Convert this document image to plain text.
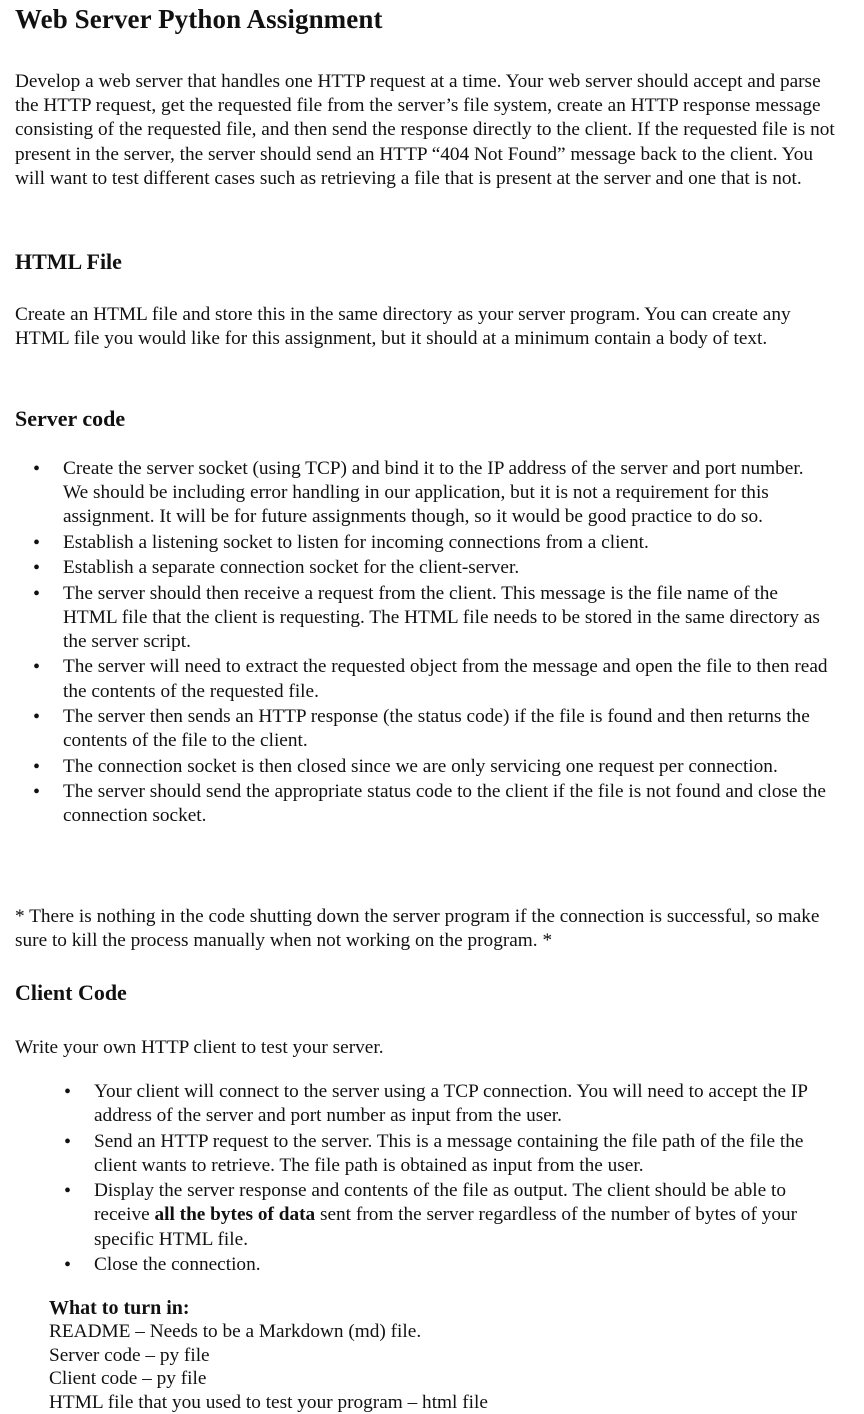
Web Server Python Assignment

Develop a web server that handles one HTTP request at a time. Your web server should accept and parse the HTTP request, get the requested file from the server’s file system, create an HTTP response message consisting of the requested file, and then send the response directly to the client. If the requested file is not present in the server, the server should send an HTTP “404 Not Found” message back to the client. You will want to test different cases such as retrieving a file that is present at the server and one that is not.

HTML File

Create an HTML file and store this in the same directory as your server program. You can create any HTML file you would like for this assignment, but it should at a minimum contain a body of text.

Server code
• Create the server socket (using TCP) and bind it to the IP address of the server and port number. We should be including error handling in our application, but it is not a requirement for this assignment. It will be for future assignments though, so it would be good practice to do so.
• Establish a listening socket to listen for incoming connections from a client.
• Establish a separate connection socket for the client-server.
• The server should then receive a request from the client. This message is the file name of the HTML file that the client is requesting. The HTML file needs to be stored in the same directory as the server script.
• The server will need to extract the requested object from the message and open the file to then read the contents of the requested file.
• The server then sends an HTTP response (the status code) if the file is found and then returns the contents of the file to the client.
• The connection socket is then closed since we are only servicing one request per connection.
• The server should send the appropriate status code to the client if the file is not found and close the connection socket.

* There is nothing in the code shutting down the server program if the connection is successful, so make sure to kill the process manually when not working on the program. *

Client Code

Write your own HTTP client to test your server.

• Your client will connect to the server using a TCP connection. You will need to accept the IP address of the server and port number as input from the user.
• Send an HTTP request to the server. This is a message containing the file path of the file the client wants to retrieve. The file path is obtained as input from the user.
• Display the server response and contents of the file as output. The client should be able to receive all the bytes of data sent from the server regardless of the number of bytes of your specific HTML file.
• Close the connection.
What to turn in:
README – Needs to be a Markdown (md) file.
Server code – py file
Client code – py file
HTML file that you used to test your program – html file
